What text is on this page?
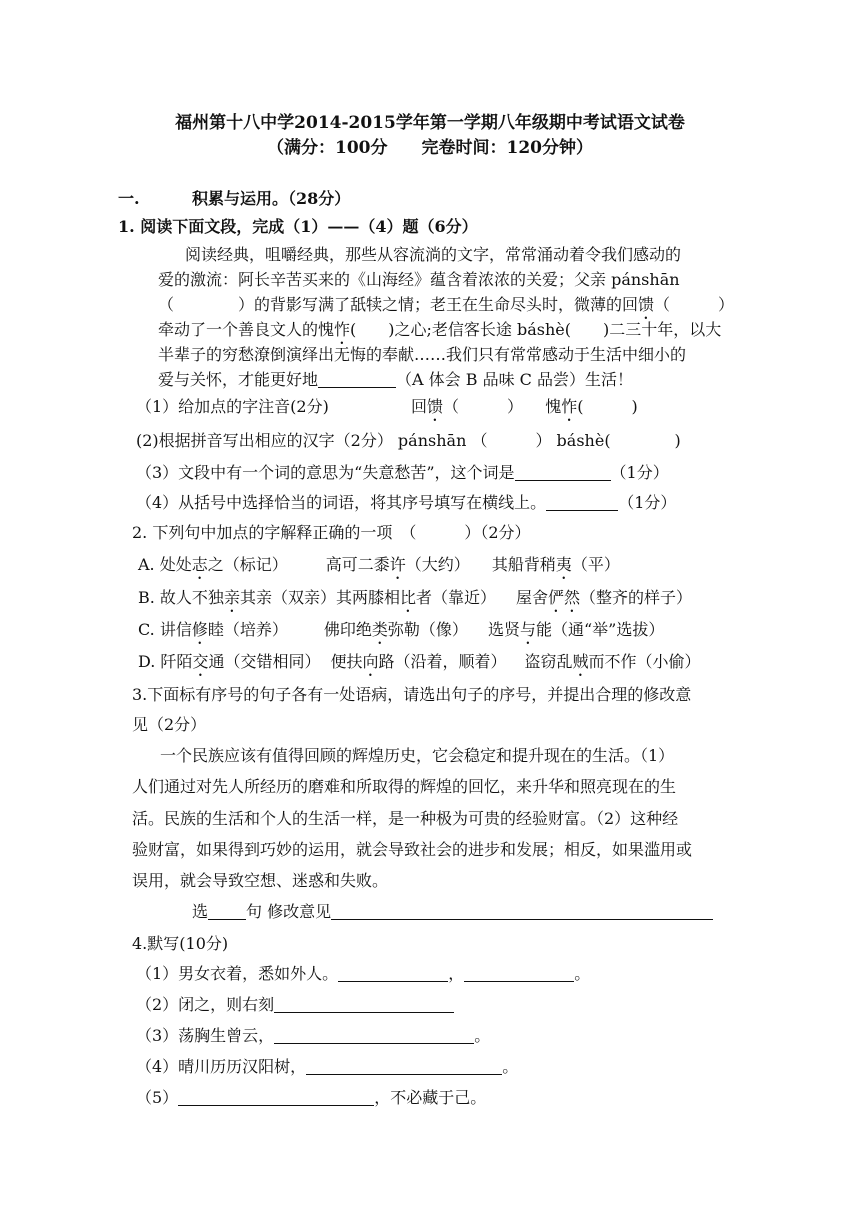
福州第十八中学2014-2015学年第一学期八年级期中考试语文试卷
（满分：100分　　完卷时间：120分钟）
一.	积累与运用。（28分）
1. 阅读下面文段，完成（1）——（4）题（6分）
阅读经典，咀嚼经典，那些从容流淌的文字，常常涌动着令我们感动的
爱的激流：阿长辛苦买来的《山海经》蕴含着浓浓的关爱；父亲 pánshān
（　　　　）的背影写满了舐犊之情；老王在生命尽头时，微薄的回馈（　　　）
牵动了一个善良文人的愧怍(　　)之心;老信客长途 báshè(　　)二三十年，以大
半辈子的穷愁潦倒演绎出无悔的奉献……我们只有常常感动于生活中细小的
爱与关怀，才能更好地	（A 体会 B 品味 C 品尝）生活！
（1）给加点的字注音(2分)	回馈（　　　） 愧怍(　　　)
(2)根据拼音写出相应的汉字（2分） pánshān （　　　） báshè(　　　　)
（3）文段中有一个词的意思为“失意愁苦”，这个词是	（1分）
（4）从括号中选择恰当的词语，将其序号填写在横线上。	（1分）
2. 下列句中加点的字解释正确的一项　（　　　）（2分）
A. 处处志之（标记） 高可二黍许（大约） 其船背稍夷（平）
B. 故人不独亲其亲（双亲）其两膝相比者（靠近） 屋舍俨然（整齐的样子）
C. 讲信修睦（培养） 佛印绝类弥勒（像） 选贤与能（通“举”选拔）
D. 阡陌交通（交错相同） 便扶向路（沿着，顺着） 盗窃乱贼而不作（小偷）
3.下面标有序号的句子各有一处语病，请选出句子的序号，并提出合理的修改意
见（2分）
一个民族应该有值得回顾的辉煌历史，它会稳定和提升现在的生活。（1）
人们通过对先人所经历的磨难和所取得的辉煌的回忆，来升华和照亮现在的生
活。民族的生活和个人的生活一样，是一种极为可贵的经验财富。（2）这种经
验财富，如果得到巧妙的运用，就会导致社会的进步和发展；相反，如果滥用或
误用，就会导致空想、迷惑和失败。
选 句 修改意见
4.默写(10分)
（1）男女衣着，悉如外人。	，	。
（2）闭之，则右刻
（3）荡胸生曾云，	。
（4）晴川历历汉阳树，	。
（5）	，不必藏于己。
